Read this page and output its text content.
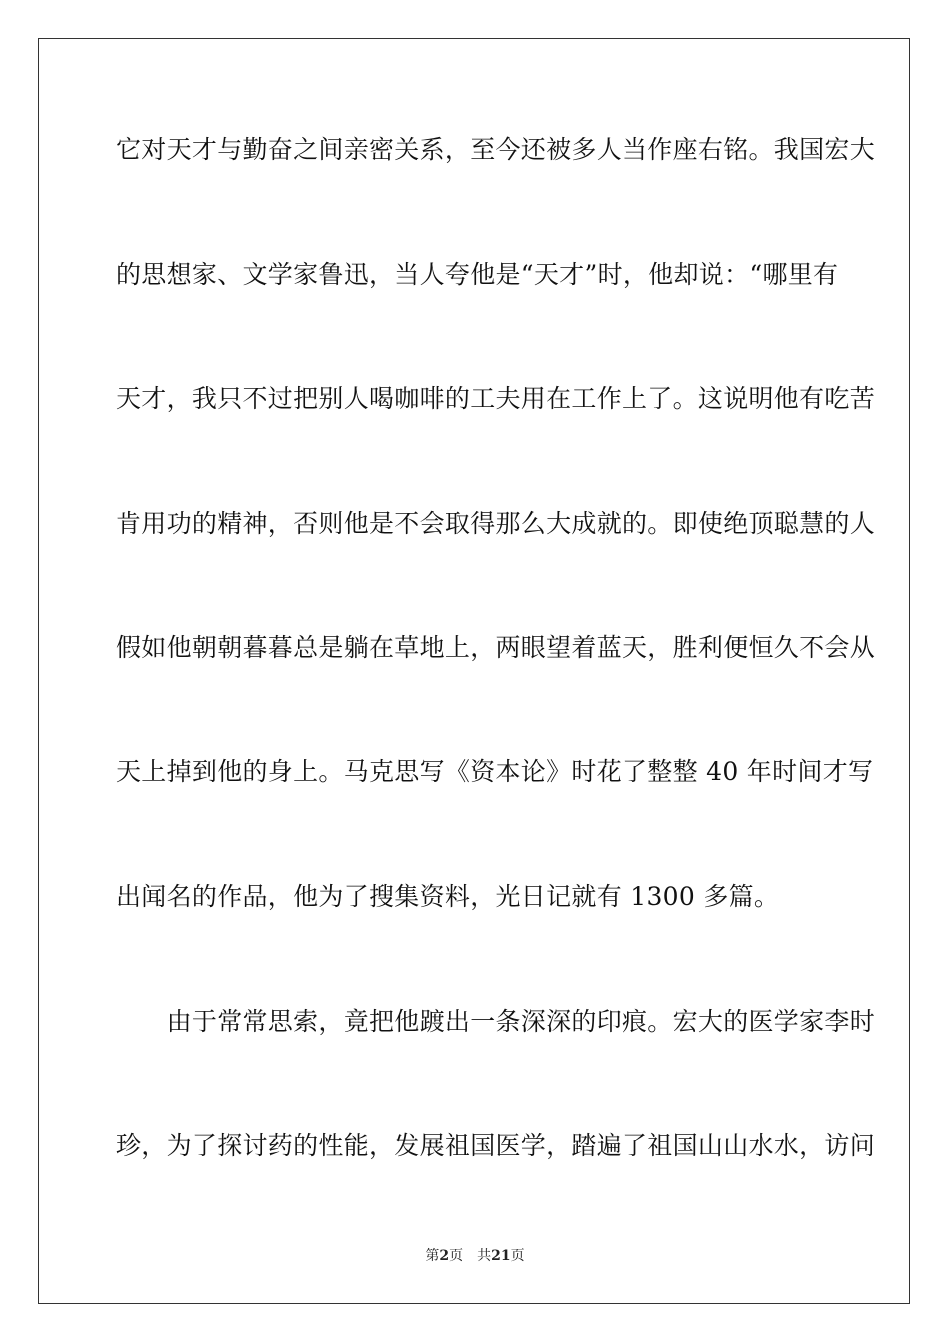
它对天才与勤奋之间亲密关系，至今还被多人当作座右铭。我国宏大
的思想家、文学家鲁迅，当人夸他是“天才”时，他却说：“哪里有
天才，我只不过把别人喝咖啡的工夫用在工作上了。这说明他有吃苦
肯用功的精神，否则他是不会取得那么大成就的。即使绝顶聪慧的人
假如他朝朝暮暮总是躺在草地上，两眼望着蓝天，胜利便恒久不会从
天上掉到他的身上。马克思写《资本论》时花了整整 40 年时间才写
出闻名的作品，他为了搜集资料，光日记就有 1300 多篇。
　　由于常常思索，竟把他踱出一条深深的印痕。宏大的医学家李时
珍，为了探讨药的性能，发展祖国医学，踏遍了祖国山山水水，访问
第2页 共21页
